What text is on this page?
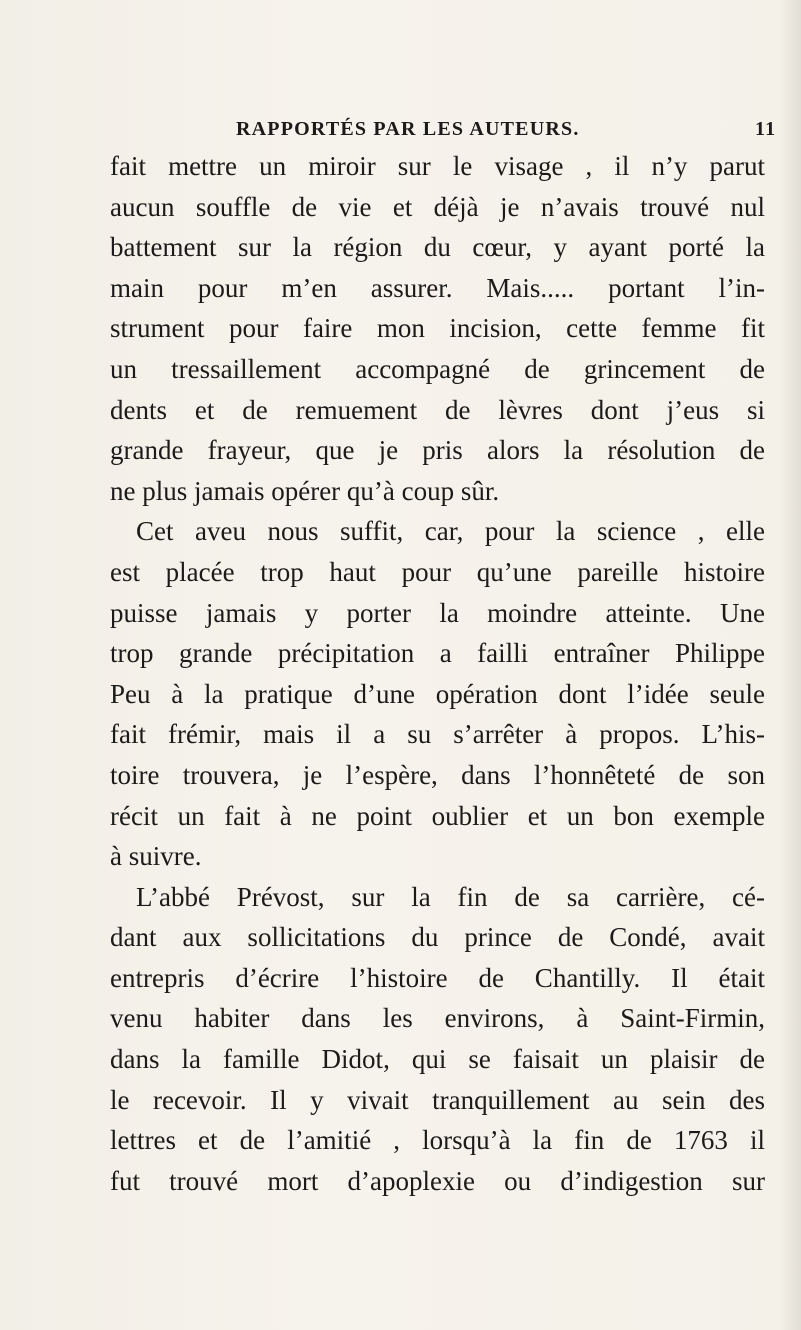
RAPPORTÉS PAR LES AUTEURS.	11
fait mettre un miroir sur le visage , il n’y parut
aucun souffle de vie et déjà je n’avais trouvé nul
battement sur la région du cœur, y ayant porté la
main pour m’en assurer. Mais..... portant l’in-
strument pour faire mon incision, cette femme fit
un tressaillement accompagné de grincement de
dents et de remuement de lèvres dont j’eus si
grande frayeur, que je pris alors la résolution de
ne plus jamais opérer qu’à coup sûr.
Cet aveu nous suffit, car, pour la science , elle
est placée trop haut pour qu’une pareille histoire
puisse jamais y porter la moindre atteinte. Une
trop grande précipitation a failli entraîner Philippe
Peu à la pratique d’une opération dont l’idée seule
fait frémir, mais il a su s’arrêter à propos. L’his-
toire trouvera, je l’espère, dans l’honnêteté de son
récit un fait à ne point oublier et un bon exemple
à suivre.
L’abbé Prévost, sur la fin de sa carrière, cé-
dant aux sollicitations du prince de Condé, avait
entrepris d’écrire l’histoire de Chantilly. Il était
venu habiter dans les environs, à Saint-Firmin,
dans la famille Didot, qui se faisait un plaisir de
le recevoir. Il y vivait tranquillement au sein des
lettres et de l’amitié , lorsqu’à la fin de 1763 il
fut trouvé mort d’apoplexie ou d’indigestion sur
